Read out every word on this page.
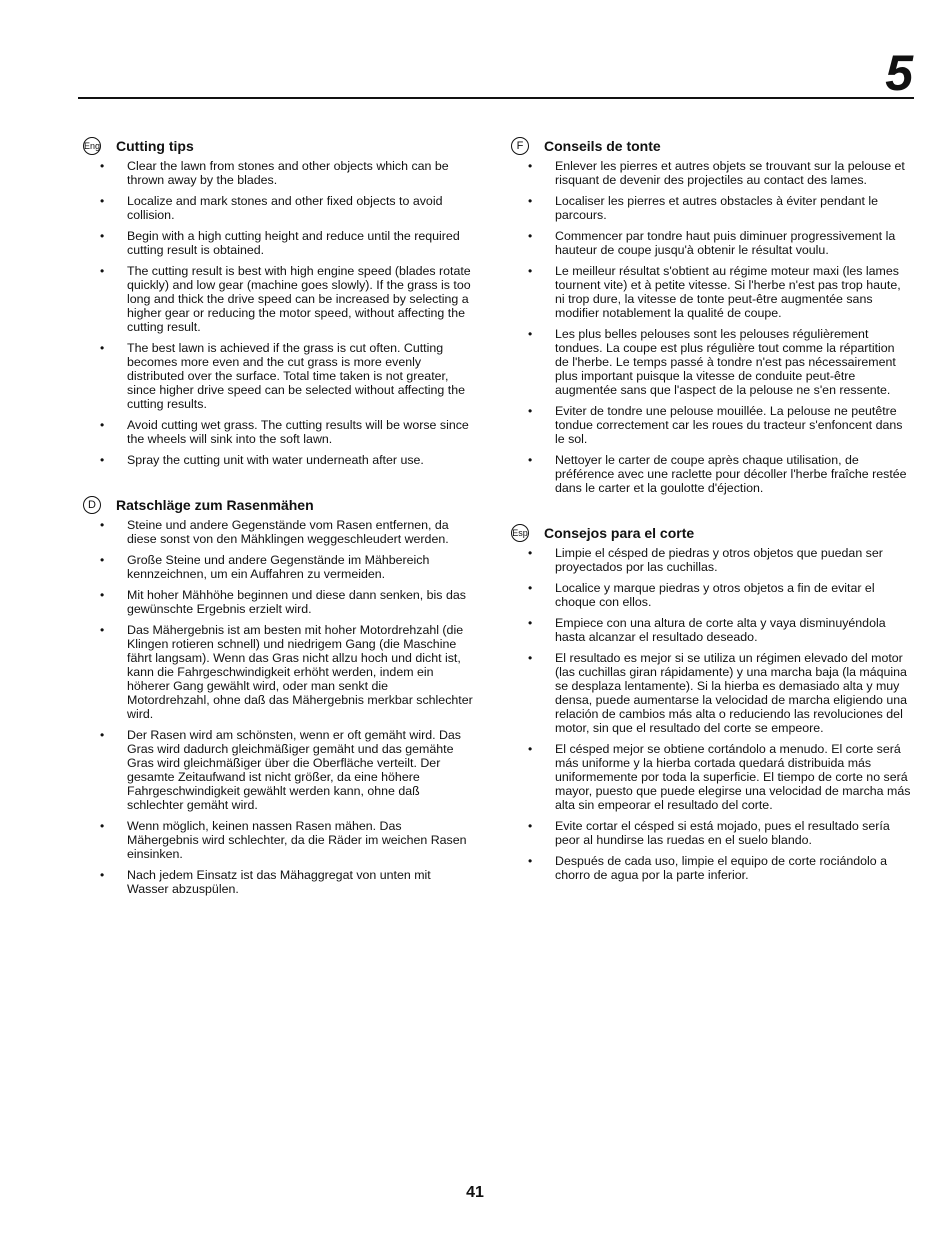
5
Eng Cutting tips
• Clear the lawn from stones and other objects which can be thrown away by the blades.
• Localize and mark stones and other fixed objects to avoid collision.
• Begin with a high cutting height and reduce until the required cutting result is obtained.
• The cutting result is best with high engine speed (blades rotate quickly) and low gear (machine goes slowly). If the grass is too long and thick the drive speed can be increased by selecting a higher gear or reducing the motor speed, without affecting the cutting result.
• The best lawn is achieved if the grass is cut often. Cutting becomes more even and the cut grass is more evenly distributed over the surface. Total time taken is not greater, since higher drive speed can be selected without affecting the cutting results.
• Avoid cutting wet grass. The cutting results will be worse since the wheels will sink into the soft lawn.
• Spray the cutting unit with water underneath after use.
D	Ratschläge zum Rasenmähen
• Steine und andere Gegenstände vom Rasen entfernen, da diese sonst von den Mähklingen weggeschleudert werden.
• Große Steine und andere Gegenstände im Mähbereich kennzeichnen, um ein Auffahren zu vermeiden.
• Mit hoher Mähhöhe beginnen und diese dann senken, bis das gewünschte Ergebnis erzielt wird.
• Das Mähergebnis ist am besten mit hoher Motordrehzahl (die Klingen rotieren schnell) und niedrigem Gang (die Maschine fährt langsam). Wenn das Gras nicht allzu hoch und dicht ist, kann die Fahrgeschwindigkeit erhöht werden, indem ein höherer Gang gewählt wird, oder man senkt die Motordrehzahl, ohne daß das Mähergebnis merkbar schlechter wird.
• Der Rasen wird am schönsten, wenn er oft gemäht wird. Das Gras wird dadurch gleichmäßiger gemäht und das gemähte Gras wird gleichmäßiger über die Oberfläche verteilt. Der gesamte Zeitaufwand ist nicht größer, da eine höhere Fahrgeschwindigkeit gewählt werden kann, ohne daß schlechter gemäht wird.
• Wenn möglich, keinen nassen Rasen mähen. Das Mähergebnis wird schlechter, da die Räder im weichen Rasen einsinken.
• Nach jedem Einsatz ist das Mähaggregat von unten mit Wasser abzuspülen.
F	Conseils de tonte
• Enlever les pierres et autres objets se trouvant sur la pelouse et risquant de devenir des projectiles au contact des lames.
• Localiser les pierres et autres obstacles à éviter pendant le parcours.
• Commencer par tondre haut puis diminuer progressivement la hauteur de coupe jusqu'à obtenir le résultat voulu.
• Le meilleur résultat s'obtient au régime moteur maxi (les lames tournent vite) et à petite vitesse. Si l'herbe n'est pas trop haute, ni trop dure, la vitesse de tonte peut-être augmentée sans modifier notablement la qualité de coupe.
• Les plus belles pelouses sont les pelouses régulièrement tondues. La coupe est plus régulière tout comme la répartition de l'herbe. Le temps passé à tondre n'est pas nécessairement plus important puisque la vitesse de conduite peut-être augmentée sans que l'aspect de la pelouse ne s'en ressente.
• Eviter de tondre une pelouse mouillée. La pelouse ne peutêtre tondue correctement car les roues du tracteur s'enfoncent dans le sol.
• Nettoyer le carter de coupe après chaque utilisation, de préférence avec une raclette pour décoller l'herbe fraîche restée dans le carter et la goulotte d'éjection.
Esp Consejos para el corte
• Limpie el césped de piedras y otros objetos que puedan ser proyectados por las cuchillas.
• Localice y marque piedras y otros objetos a fin de evitar el choque con ellos.
• Empiece con una altura de corte alta y vaya disminuyéndola hasta alcanzar el resultado deseado.
• El resultado es mejor si se utiliza un régimen elevado del motor (las cuchillas giran rápidamente) y una marcha baja (la máquina se desplaza lentamente). Si la hierba es demasiado alta y muy densa, puede aumentarse la velocidad de marcha eligiendo una relación de cambios más alta o reduciendo las revoluciones del motor, sin que el resultado del corte se empeore.
• El césped mejor se obtiene cortándolo a menudo. El corte será más uniforme y la hierba cortada quedará distribuida más uniformemente por toda la superficie. El tiempo de corte no será mayor, puesto que puede elegirse una velocidad de marcha más alta sin empeorar el resultado del corte.
• Evite cortar el césped si está mojado, pues el resultado sería peor al hundirse las ruedas en el suelo blando.
• Después de cada uso, limpie el equipo de corte rociándolo a chorro de agua por la parte inferior.
41
